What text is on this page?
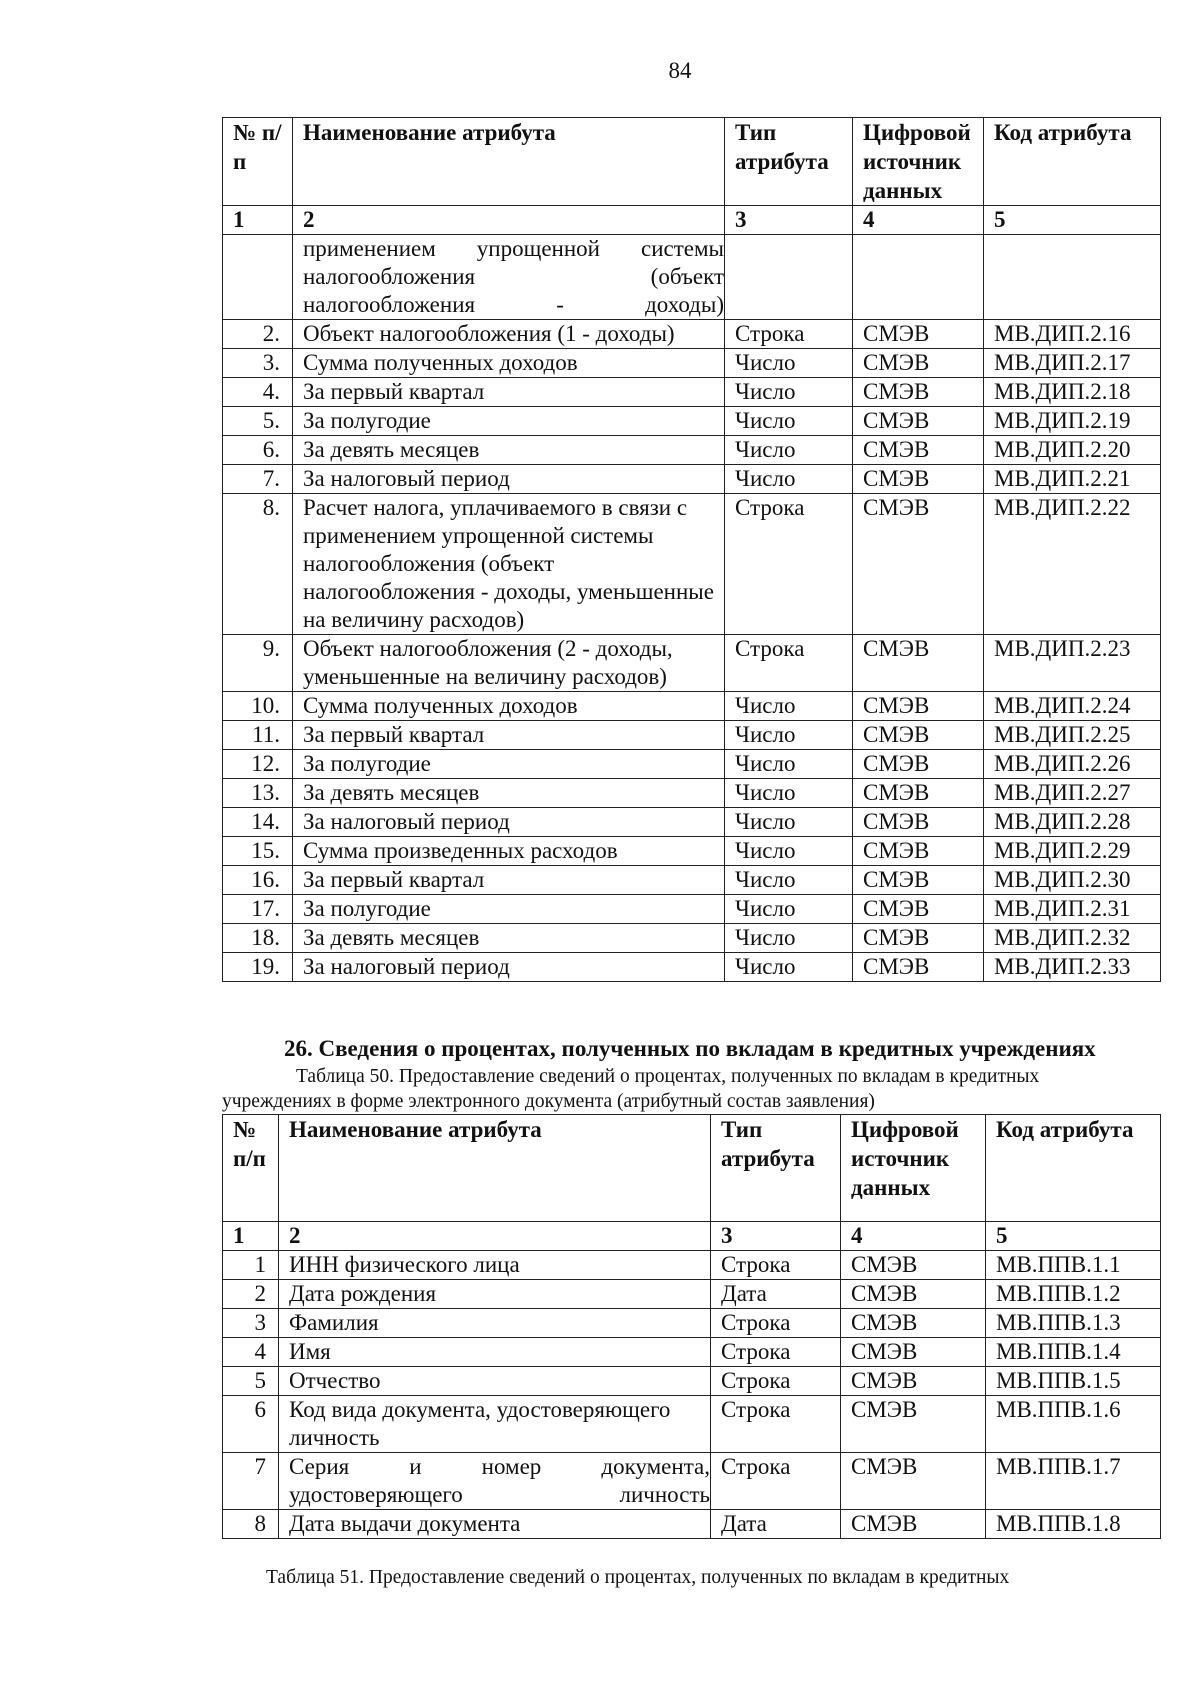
84
№ п/п	Наименование атрибута	Тип атрибута	Цифровой источник данных	Код атрибута
1	2	3	4	5
	применением упрощенной системы налогообложения (объект налогообложения - доходы)			
2.	Объект налогообложения (1 - доходы)	Строка	СМЭВ	МВ.ДИП.2.16
3.	Сумма полученных доходов	Число	СМЭВ	МВ.ДИП.2.17
4.	За первый квартал	Число	СМЭВ	МВ.ДИП.2.18
5.	За полугодие	Число	СМЭВ	МВ.ДИП.2.19
6.	За девять месяцев	Число	СМЭВ	МВ.ДИП.2.20
7.	За налоговый период	Число	СМЭВ	МВ.ДИП.2.21
8.	Расчет налога, уплачиваемого в связи с применением упрощенной системы налогообложения (объект налогообложения - доходы, уменьшенные на величину расходов)	Строка	СМЭВ	МВ.ДИП.2.22
9.	Объект налогообложения (2 - доходы, уменьшенные на величину расходов)	Строка	СМЭВ	МВ.ДИП.2.23
10.	Сумма полученных доходов	Число	СМЭВ	МВ.ДИП.2.24
11.	За первый квартал	Число	СМЭВ	МВ.ДИП.2.25
12.	За полугодие	Число	СМЭВ	МВ.ДИП.2.26
13.	За девять месяцев	Число	СМЭВ	МВ.ДИП.2.27
14.	За налоговый период	Число	СМЭВ	МВ.ДИП.2.28
15.	Сумма произведенных расходов	Число	СМЭВ	МВ.ДИП.2.29
16.	За первый квартал	Число	СМЭВ	МВ.ДИП.2.30
17.	За полугодие	Число	СМЭВ	МВ.ДИП.2.31
18.	За девять месяцев	Число	СМЭВ	МВ.ДИП.2.32
19.	За налоговый период	Число	СМЭВ	МВ.ДИП.2.33
26. Сведения о процентах, полученных по вкладам в кредитных учреждениях
Таблица 50. Предоставление сведений о процентах, полученных по вкладам в кредитных
учреждениях в форме электронного документа (атрибутный состав заявления)
№ п/п	Наименование атрибута	Тип атрибута	Цифровой источник данных	Код атрибута
1	2	3	4	5
1	ИНН физического лица	Строка	СМЭВ	МВ.ППВ.1.1
2	Дата рождения	Дата	СМЭВ	МВ.ППВ.1.2
3	Фамилия	Строка	СМЭВ	МВ.ППВ.1.3
4	Имя	Строка	СМЭВ	МВ.ППВ.1.4
5	Отчество	Строка	СМЭВ	МВ.ППВ.1.5
6	Код вида документа, удостоверяющего личность	Строка	СМЭВ	МВ.ППВ.1.6
7	Серия и номер документа, удостоверяющего личность	Строка	СМЭВ	МВ.ППВ.1.7
8	Дата выдачи документа	Дата	СМЭВ	МВ.ППВ.1.8
Таблица 51. Предоставление сведений о процентах, полученных по вкладам в кредитных
